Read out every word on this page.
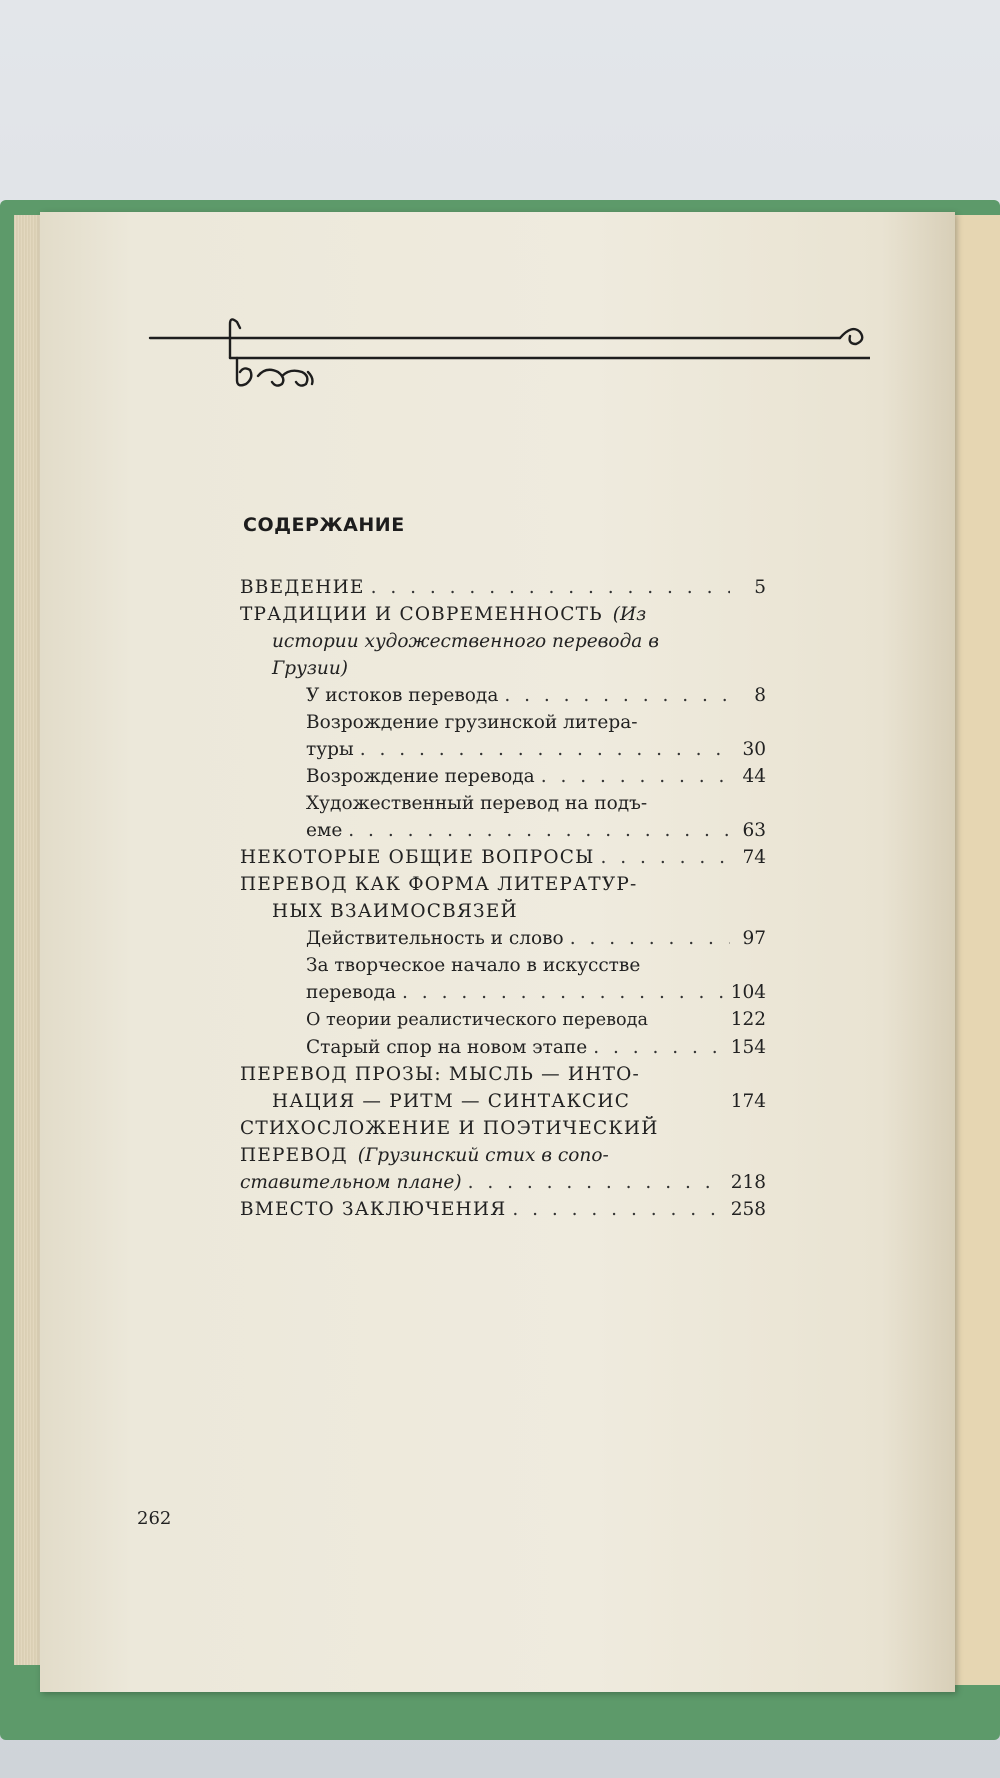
СОДЕРЖАНИЕ
ВВЕДЕНИЕ . . .	5
ТРАДИЦИИ И СОВРЕМЕННОСТЬ (Из
истории художественного перевода в
Грузии)
У истоков перевода . . .	8
Возрождение грузинской литера-
туры . . .	30
Возрождение перевода . . .	44
Художественный перевод на подъ-
еме . . .	63
НЕКОТОРЫЕ ОБЩИЕ ВОПРОСЫ . . .	74
ПЕРЕВОД КАК ФОРМА ЛИТЕРАТУР-
НЫХ ВЗАИМОСВЯЗЕЙ
Действительность и слово . . .	97
За творческое начало в искусстве
перевода . . .	104
О теории реалистического перевода	122
Старый спор на новом этапе . . .	154
ПЕРЕВОД ПРОЗЫ: МЫСЛЬ — ИНТО-
НАЦИЯ — РИТМ — СИНТАКСИС	174
СТИХОСЛОЖЕНИЕ И ПОЭТИЧЕСКИЙ
ПЕРЕВОД (Грузинский стих в сопо-
ставительном плане) . . .	218
ВМЕСТО ЗАКЛЮЧЕНИЯ . . .	258
262
